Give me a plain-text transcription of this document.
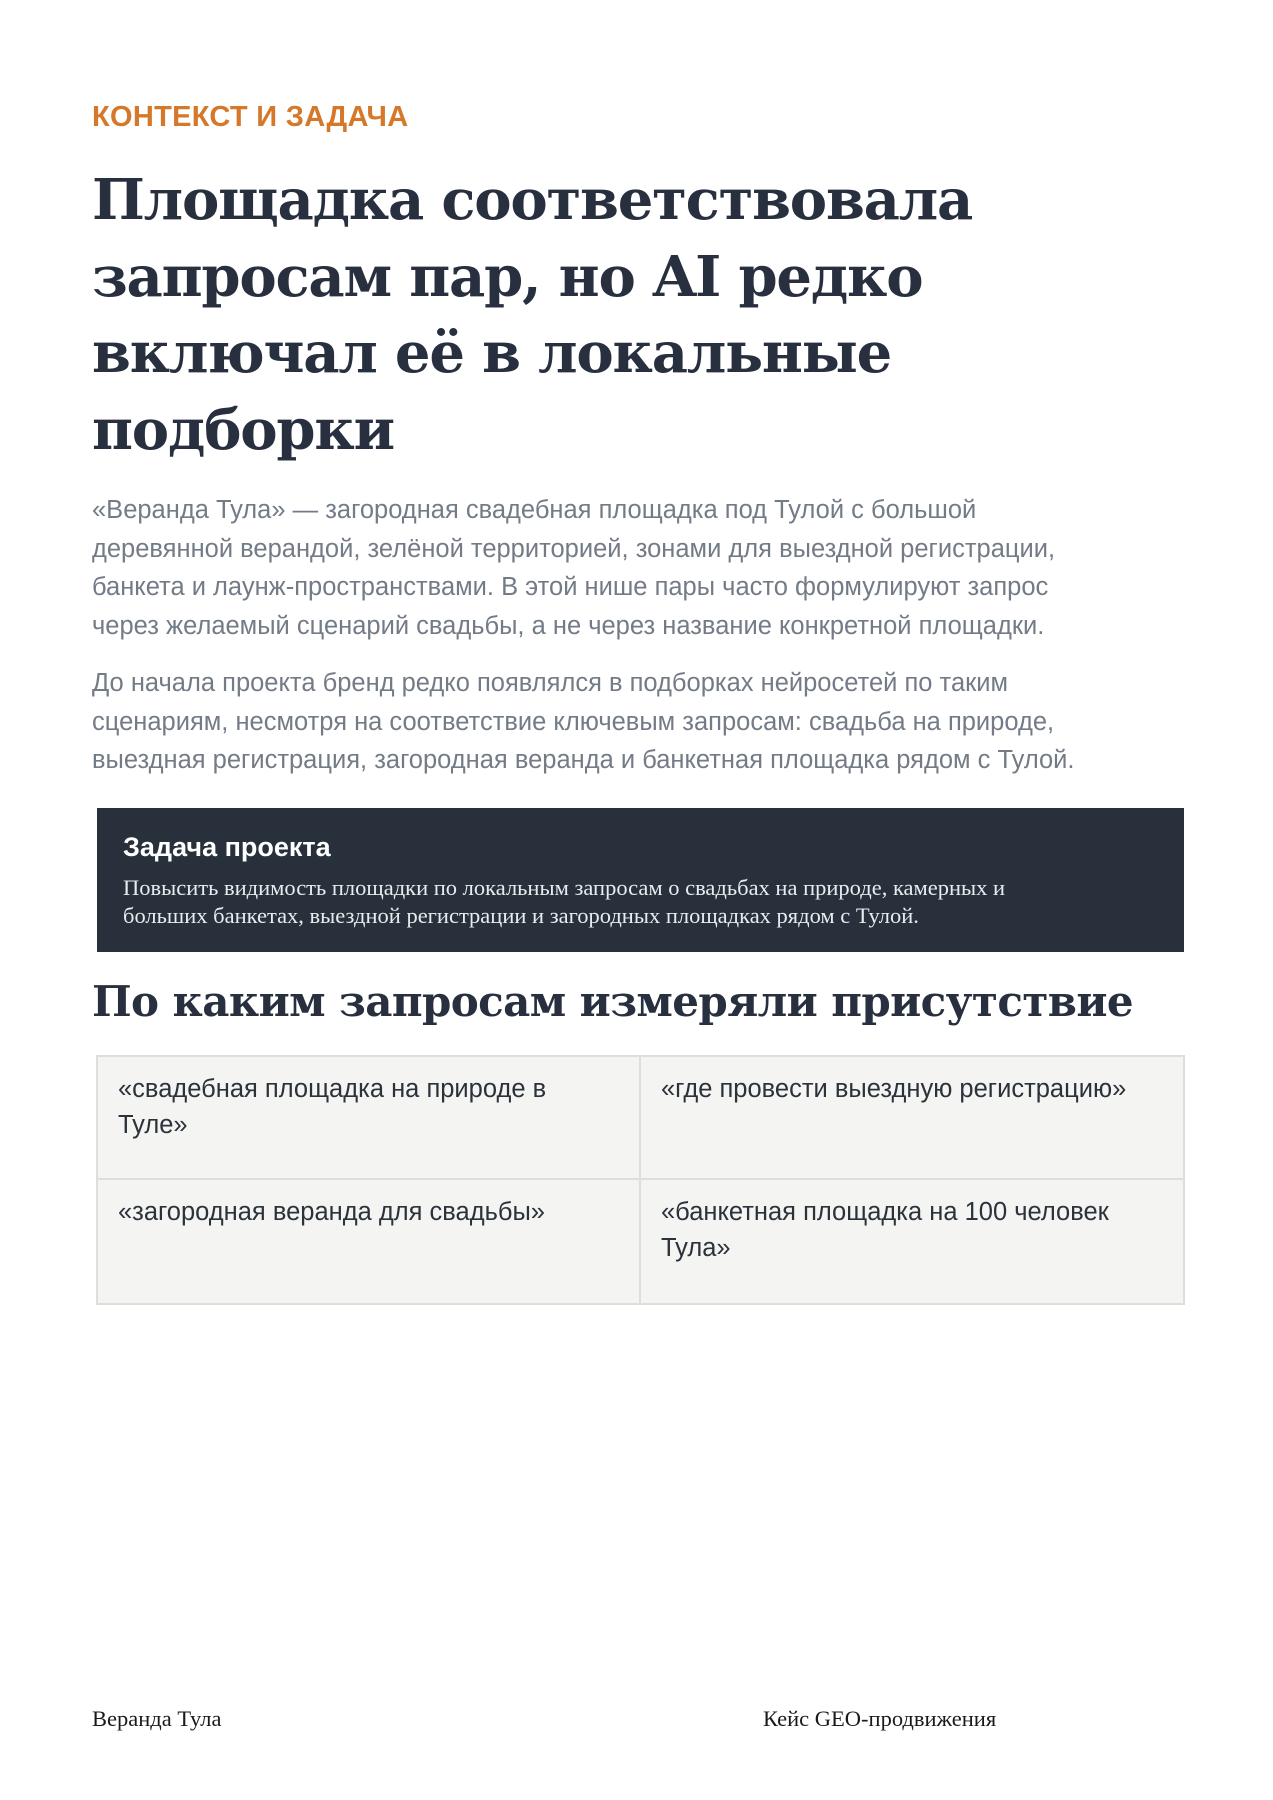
КОНТЕКСТ И ЗАДАЧА
Площадка соответствовала
запросам пар, но AI редко
включал её в локальные
подборки

«Веранда Тула» — загородная свадебная площадка под Тулой с большой
деревянной верандой, зелёной территорией, зонами для выездной регистрации,
банкета и лаунж-пространствами. В этой нише пары часто формулируют запрос
через желаемый сценарий свадьбы, а не через название конкретной площадки.

До начала проекта бренд редко появлялся в подборках нейросетей по таким
сценариям, несмотря на соответствие ключевым запросам: свадьба на природе,
выездная регистрация, загородная веранда и банкетная площадка рядом с Тулой.

Задача проекта

Повысить видимость площадки по локальным запросам о свадьбах на природе, камерных и
больших банкетах, выездной регистрации и загородных площадках рядом с Тулой.

По каким запросам измеряли присутствие
«свадебная площадка на природе в
Туле»
«где провести выездную регистрацию»
«загородная веранда для свадьбы»	«банкетная площадка на 100 человек
Тула»
Веранда Тула	Кейс GEO-продвижения
